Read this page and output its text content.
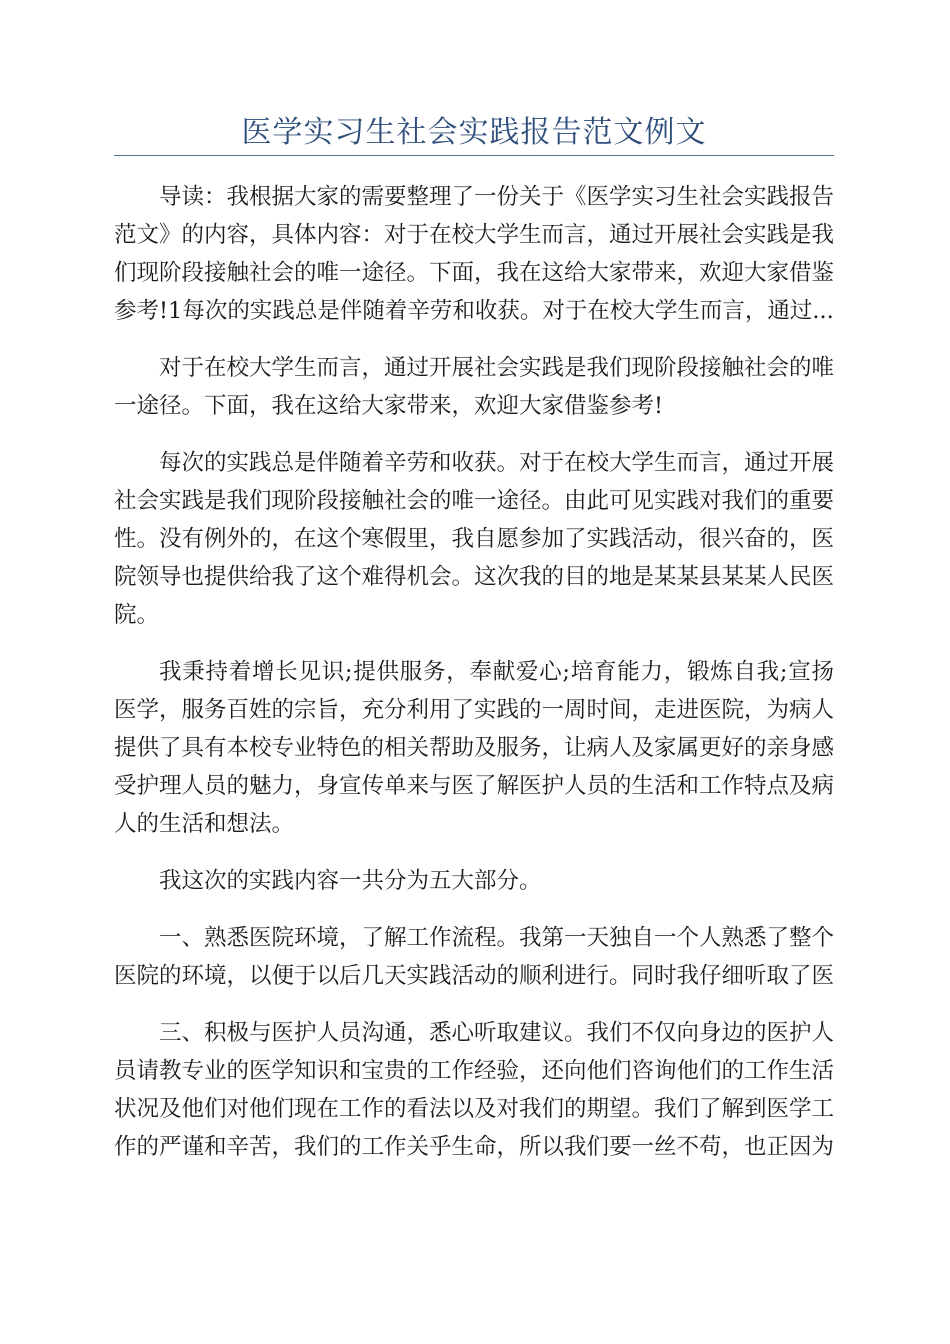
医学实习生社会实践报告范文例文

导读：我根据大家的需要整理了一份关于《医学实习生社会实践报告范文》的内容，具体内容：对于在校大学生而言，通过开展社会实践是我们现阶段接触社会的唯一途径。下面，我在这给大家带来，欢迎大家借鉴参考!1每次的实践总是伴随着辛劳和收获。对于在校大学生而言，通过...

对于在校大学生而言，通过开展社会实践是我们现阶段接触社会的唯一途径。下面，我在这给大家带来，欢迎大家借鉴参考!

每次的实践总是伴随着辛劳和收获。对于在校大学生而言，通过开展社会实践是我们现阶段接触社会的唯一途径。由此可见实践对我们的重要性。没有例外的，在这个寒假里，我自愿参加了实践活动，很兴奋的，医院领导也提供给我了这个难得机会。这次我的目的地是某某县某某人民医院。

我秉持着增长见识;提供服务，奉献爱心;培育能力，锻炼自我;宣扬医学，服务百姓的宗旨，充分利用了实践的一周时间，走进医院，为病人提供了具有本校专业特色的相关帮助及服务，让病人及家属更好的亲身感受护理人员的魅力，身宣传单来与医了解医护人员的生活和工作特点及病人的生活和想法。

我这次的实践内容一共分为五大部分。

一、熟悉医院环境，了解工作流程。我第一天独自一个人熟悉了整个医院的环境，以便于以后几天实践活动的顺利进行。同时我仔细听取了医

三、积极与医护人员沟通，悉心听取建议。我们不仅向身边的医护人员请教专业的医学知识和宝贵的工作经验，还向他们咨询他们的工作生活状况及他们对他们现在工作的看法以及对我们的期望。我们了解到医学工作的严谨和辛苦，我们的工作关乎生命，所以我们要一丝不苟，也正因为
